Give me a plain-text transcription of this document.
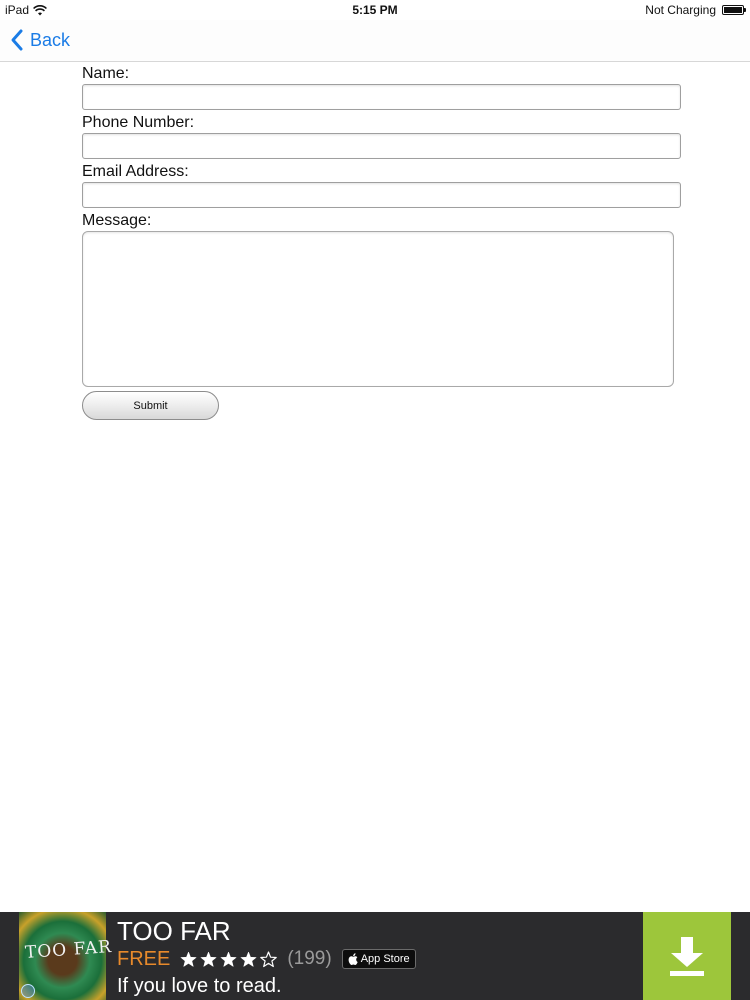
iPad	5:15 PM	Not Charging
Back
Name:
Phone Number:
Email Address:
Message:
Submit
TOO FAR
TOO FAR
FREE	(199)	App Store
If you love to read.
